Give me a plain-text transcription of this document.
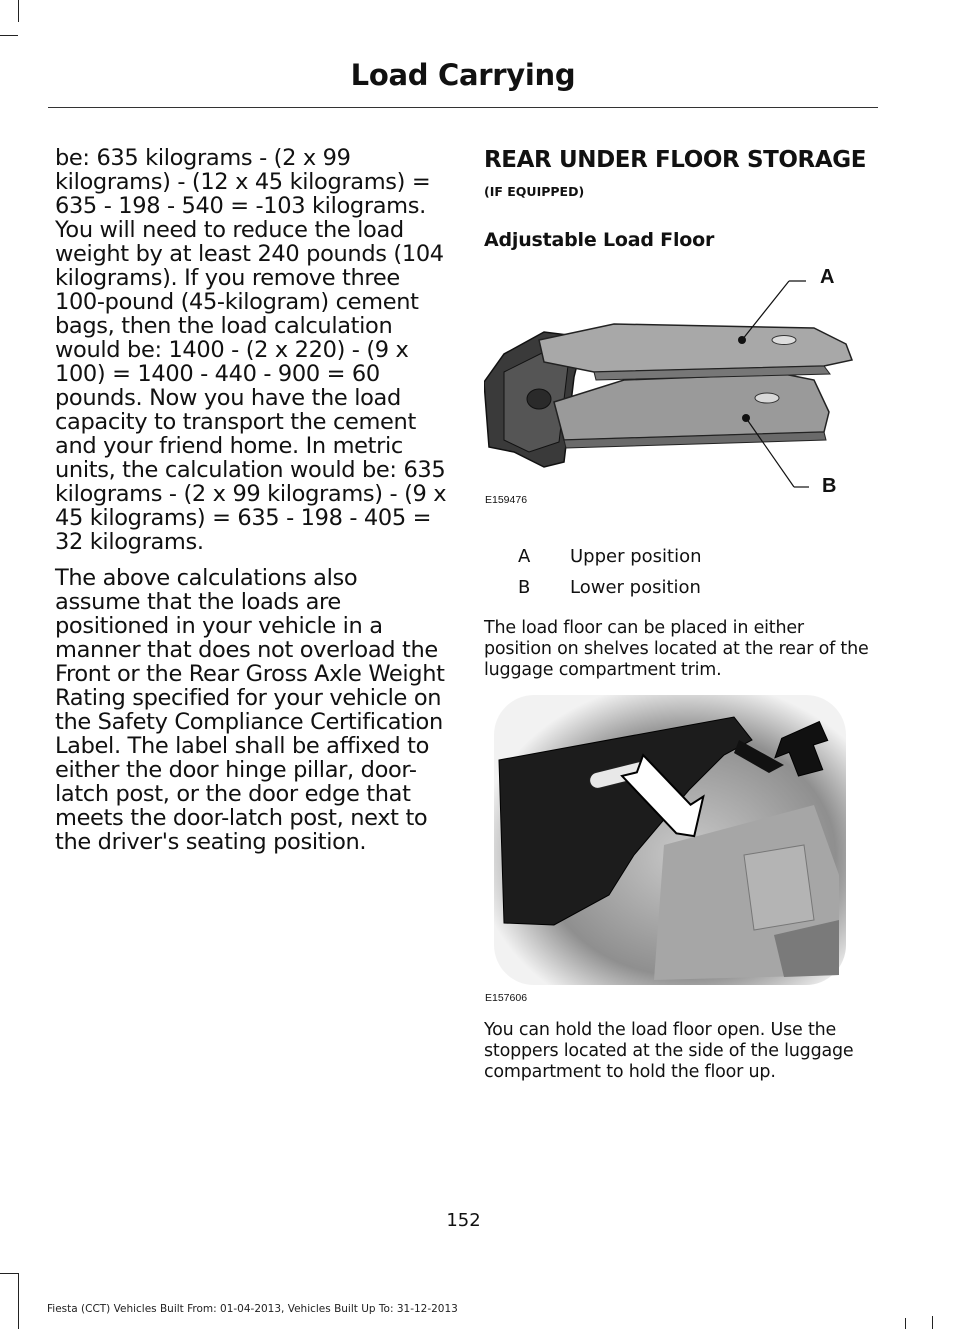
Load Carrying

be: 635 kilograms - (2 x 99 kilograms) - (12 x 45 kilograms) = 635 - 198 - 540 = -103 kilograms. You will need to reduce the load weight by at least 240 pounds (104 kilograms). If you remove three 100-pound (45-kilogram) cement bags, then the load calculation would be: 1400 - (2 x 220) - (9 x 100) = 1400 - 440 - 900 = 60 pounds. Now you have the load capacity to transport the cement and your friend home. In metric units, the calculation would be: 635 kilograms - (2 x 99 kilograms) - (9 x 45 kilograms) = 635 - 198 - 405 = 32 kilograms.

The above calculations also assume that the loads are positioned in your vehicle in a manner that does not overload the Front or the Rear Gross Axle Weight Rating specified for your vehicle on the Safety Compliance Certification Label. The label shall be affixed to either the door hinge pillar, door-latch post, or the door edge that meets the door-latch post, next to the driver's seating position.

REAR UNDER FLOOR STORAGE (IF EQUIPPED)
Adjustable Load Floor
A
B
E159476
A Upper position
B Lower position

The load floor can be placed in either position on shelves located at the rear of the luggage compartment trim.

E157606

You can hold the load floor open. Use the stoppers located at the side of the luggage compartment to hold the floor up.

152
Fiesta (CCT) Vehicles Built From: 01-04-2013, Vehicles Built Up To: 31-12-2013
